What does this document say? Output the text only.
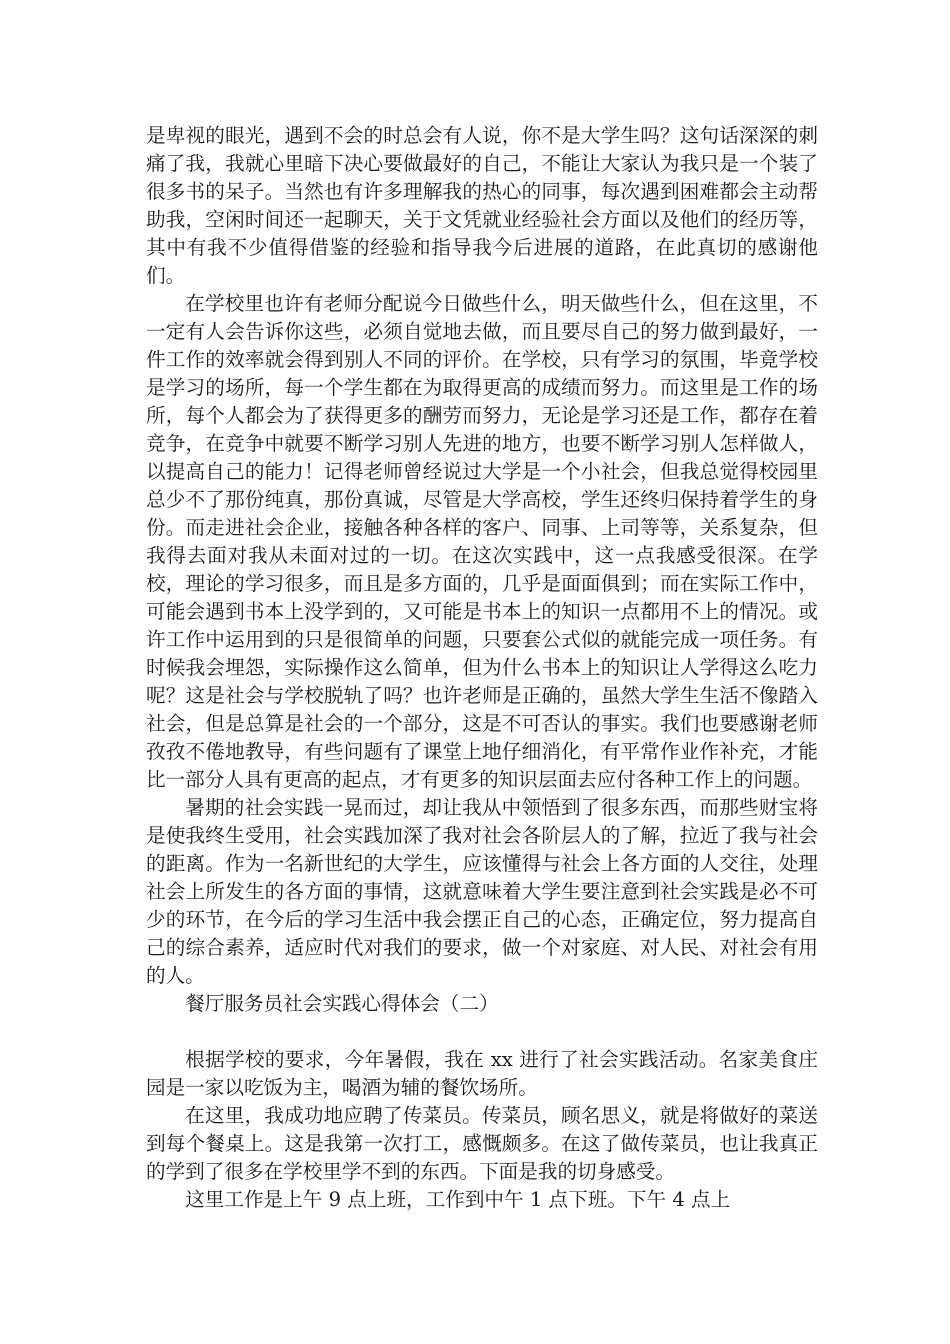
是卑视的眼光，遇到不会的时总会有人说，你不是大学生吗？这句话深深的刺痛了我，我就心里暗下决心要做最好的自己，不能让大家认为我只是一个装了很多书的呆子。当然也有许多理解我的热心的同事，每次遇到困难都会主动帮助我，空闲时间还一起聊天，关于文凭就业经验社会方面以及他们的经历等，其中有我不少值得借鉴的经验和指导我今后进展的道路，在此真切的感谢他们。

在学校里也许有老师分配说今日做些什么，明天做些什么，但在这里，不一定有人会告诉你这些，必须自觉地去做，而且要尽自己的努力做到最好，一件工作的效率就会得到别人不同的评价。在学校，只有学习的氛围，毕竟学校是学习的场所，每一个学生都在为取得更高的成绩而努力。而这里是工作的场所，每个人都会为了获得更多的酬劳而努力，无论是学习还是工作，都存在着竞争，在竞争中就要不断学习别人先进的地方，也要不断学习别人怎样做人，以提高自己的能力！记得老师曾经说过大学是一个小社会，但我总觉得校园里总少不了那份纯真，那份真诚，尽管是大学高校，学生还终归保持着学生的身份。而走进社会企业，接触各种各样的客户、同事、上司等等，关系复杂，但我得去面对我从未面对过的一切。在这次实践中，这一点我感受很深。在学校，理论的学习很多，而且是多方面的，几乎是面面俱到；而在实际工作中，可能会遇到书本上没学到的，又可能是书本上的知识一点都用不上的情况。或许工作中运用到的只是很简单的问题，只要套公式似的就能完成一项任务。有时候我会埋怨，实际操作这么简单，但为什么书本上的知识让人学得这么吃力呢？这是社会与学校脱轨了吗？也许老师是正确的，虽然大学生生活不像踏入社会，但是总算是社会的一个部分，这是不可否认的事实。我们也要感谢老师孜孜不倦地教导，有些问题有了课堂上地仔细消化，有平常作业作补充，才能比一部分人具有更高的起点，才有更多的知识层面去应付各种工作上的问题。

暑期的社会实践一晃而过，却让我从中领悟到了很多东西，而那些财宝将是使我终生受用，社会实践加深了我对社会各阶层人的了解，拉近了我与社会的距离。作为一名新世纪的大学生，应该懂得与社会上各方面的人交往，处理社会上所发生的各方面的事情，这就意味着大学生要注意到社会实践是必不可少的环节，在今后的学习生活中我会摆正自己的心态，正确定位，努力提高自己的综合素养，适应时代对我们的要求，做一个对家庭、对人民、对社会有用的人。

餐厅服务员社会实践心得体会（二）

根据学校的要求，今年暑假，我在 xx 进行了社会实践活动。名家美食庄园是一家以吃饭为主，喝酒为辅的餐饮场所。

在这里，我成功地应聘了传菜员。传菜员，顾名思义，就是将做好的菜送到每个餐桌上。这是我第一次打工，感慨颇多。在这了做传菜员，也让我真正的学到了很多在学校里学不到的东西。下面是我的切身感受。

这里工作是上午 9 点上班，工作到中午 1 点下班。下午 4 点上
